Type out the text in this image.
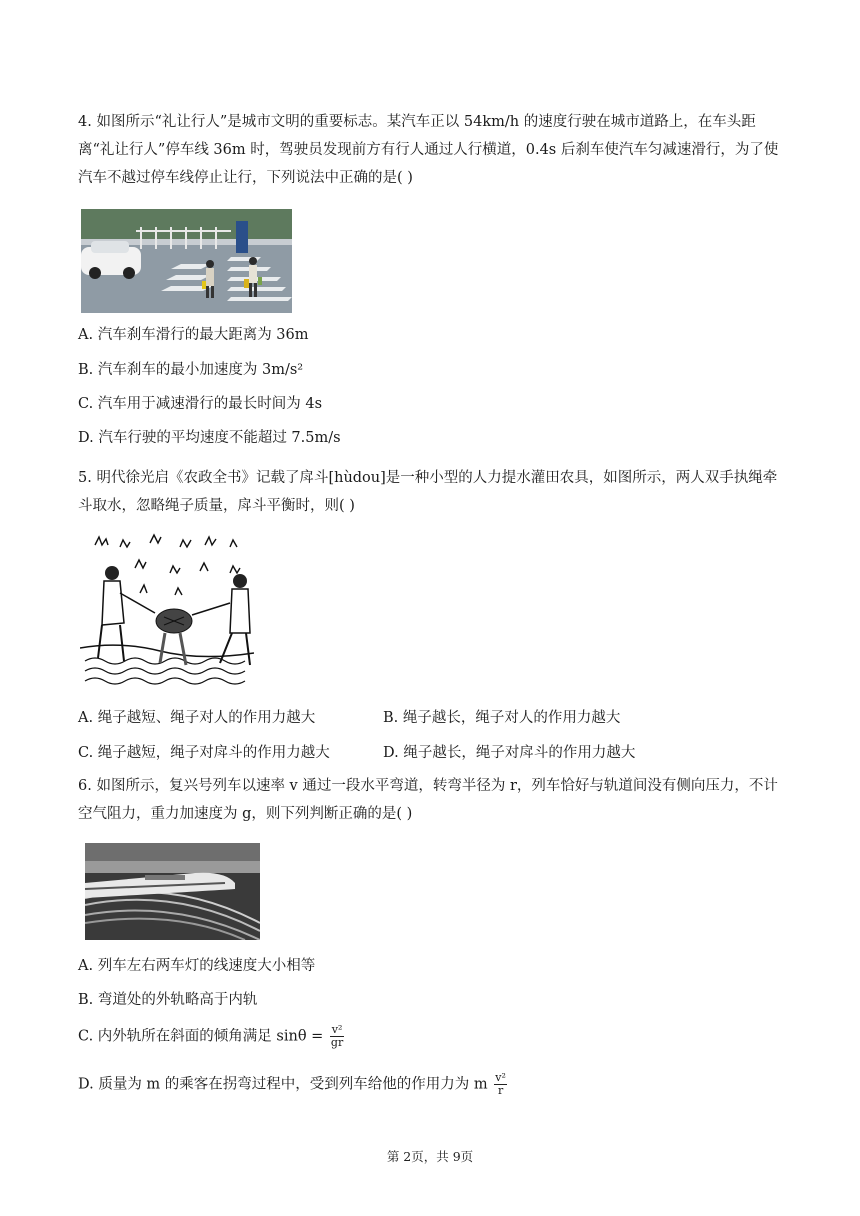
4. 如图所示“礼让行人”是城市文明的重要标志。某汽车正以 54km/h 的速度行驶在城市道路上，在车头距离“礼让行人”停车线 36m 时，驾驶员发现前方有行人通过人行横道，0.4s 后刹车使汽车匀减速滑行，为了使汽车不越过停车线停止让行，下列说法中正确的是( )
A. 汽车刹车滑行的最大距离为 36m
B. 汽车刹车的最小加速度为 3m/s²
C. 汽车用于减速滑行的最长时间为 4s
D. 汽车行驶的平均速度不能超过 7.5m/s
5. 明代徐光启《农政全书》记载了戽斗[hùdou]是一种小型的人力提水灌田农具，如图所示，两人双手执绳牵斗取水，忽略绳子质量，戽斗平衡时，则( )
A. 绳子越短、绳子对人的作用力越大	B. 绳子越长，绳子对人的作用力越大
C. 绳子越短，绳子对戽斗的作用力越大	D. 绳子越长，绳子对戽斗的作用力越大
6. 如图所示，复兴号列车以速率 v 通过一段水平弯道，转弯半径为 r，列车恰好与轨道间没有侧向压力，不计空气阻力，重力加速度为 g，则下列判断正确的是( )
A. 列车左右两车灯的线速度大小相等
B. 弯道处的外轨略高于内轨
C. 内外轨所在斜面的倾角满足 $\sin\theta = \frac{\text{v²}}{gr}$
D. 质量为 m 的乘客在拐弯过程中，受到列车给他的作用力为 m $\frac{\text{v²}}{r}$
第 2页，共 9页
